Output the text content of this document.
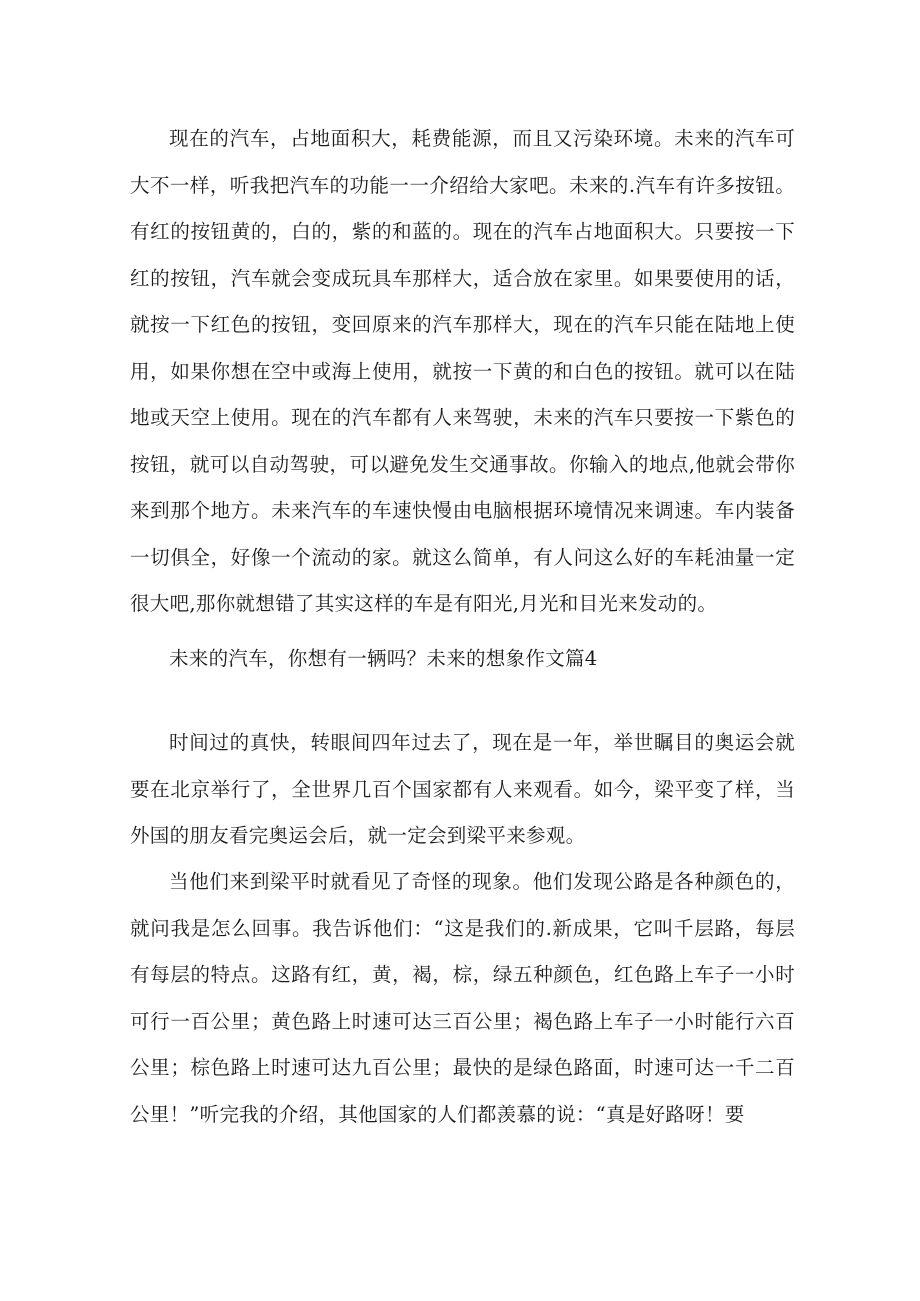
现在的汽车，占地面积大，耗费能源，而且又污染环境。未来的汽车可大不一样，听我把汽车的功能一一介绍给大家吧。未来的.汽车有许多按钮。有红的按钮黄的，白的，紫的和蓝的。现在的汽车占地面积大。只要按一下红的按钮，汽车就会变成玩具车那样大，适合放在家里。如果要使用的话，就按一下红色的按钮，变回原来的汽车那样大，现在的汽车只能在陆地上使用，如果你想在空中或海上使用，就按一下黄的和白色的按钮。就可以在陆地或天空上使用。现在的汽车都有人来驾驶，未来的汽车只要按一下紫色的按钮，就可以自动驾驶，可以避免发生交通事故。你输入的地点,他就会带你来到那个地方。未来汽车的车速快慢由电脑根据环境情况来调速。车内装备一切俱全，好像一个流动的家。就这么简单，有人问这么好的车耗油量一定很大吧,那你就想错了其实这样的车是有阳光,月光和目光来发动的。

未来的汽车，你想有一辆吗？未来的想象作文篇4

时间过的真快，转眼间四年过去了，现在是一年，举世瞩目的奥运会就要在北京举行了，全世界几百个国家都有人来观看。如今，梁平变了样，当外国的朋友看完奥运会后，就一定会到梁平来参观。

当他们来到梁平时就看见了奇怪的现象。他们发现公路是各种颜色的，就问我是怎么回事。我告诉他们：“这是我们的.新成果，它叫千层路，每层有每层的特点。这路有红，黄，褐，棕，绿五种颜色，红色路上车子一小时可行一百公里；黄色路上时速可达三百公里；褐色路上车子一小时能行六百公里；棕色路上时速可达九百公里；最快的是绿色路面，时速可达一千二百公里！”听完我的介绍，其他国家的人们都羡慕的说：“真是好路呀！要
